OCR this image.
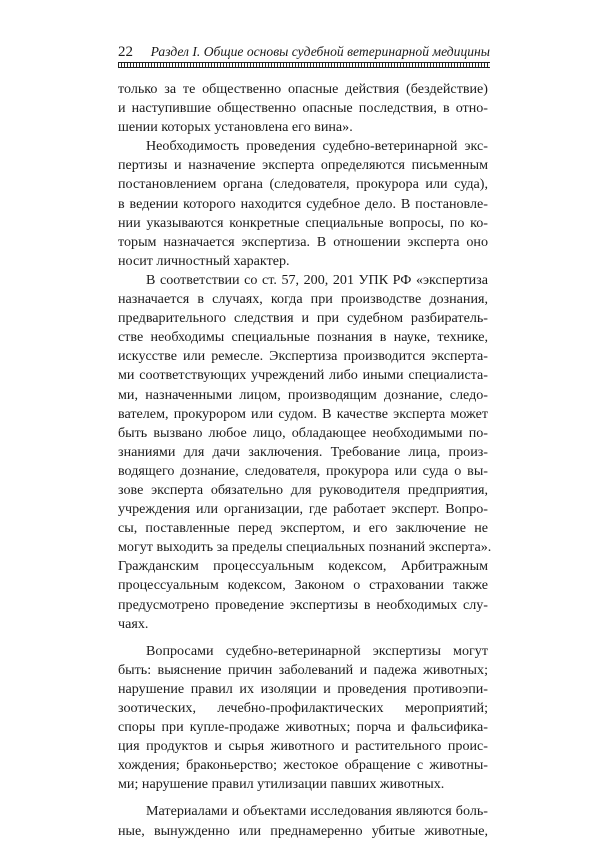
22 Раздел I. Общие основы судебной ветеринарной медицины
только за те общественно опасные действия (бездействие)
и наступившие общественно опасные последствия, в отно-
шении которых установлена его вина».
Необходимость проведения судебно-ветеринарной экс-
пертизы и назначение эксперта определяются письменным
постановлением органа (следователя, прокурора или суда),
в ведении которого находится судебное дело. В постановле-
нии указываются конкретные специальные вопросы, по ко-
торым назначается экспертиза. В отношении эксперта оно
носит личностный характер.
В соответствии со ст. 57, 200, 201 УПК РФ «экспертиза
назначается в случаях, когда при производстве дознания,
предварительного следствия и при судебном разбиратель-
стве необходимы специальные познания в науке, технике,
искусстве или ремесле. Экспертиза производится эксперта-
ми соответствующих учреждений либо иными специалиста-
ми, назначенными лицом, производящим дознание, следо-
вателем, прокурором или судом. В качестве эксперта может
быть вызвано любое лицо, обладающее необходимыми по-
знаниями для дачи заключения. Требование лица, произ-
водящего дознание, следователя, прокурора или суда о вы-
зове эксперта обязательно для руководителя предприятия,
учреждения или организации, где работает эксперт. Вопро-
сы, поставленные перед экспертом, и его заключение не
могут выходить за пределы специальных познаний эксперта».
Гражданским процессуальным кодексом, Арбитражным
процессуальным кодексом, Законом о страховании также
предусмотрено проведение экспертизы в необходимых слу-
чаях.
Вопросами судебно-ветеринарной экспертизы могут
быть: выяснение причин заболеваний и падежа животных;
нарушение правил их изоляции и проведения противоэпи-
зоотических, лечебно-профилактических мероприятий;
споры при купле-продаже животных; порча и фальсифика-
ция продуктов и сырья животного и растительного проис-
хождения; браконьерство; жестокое обращение с животны-
ми; нарушение правил утилизации павших животных.
Материалами и объектами исследования являются боль-
ные, вынужденно или преднамеренно убитые животные,
